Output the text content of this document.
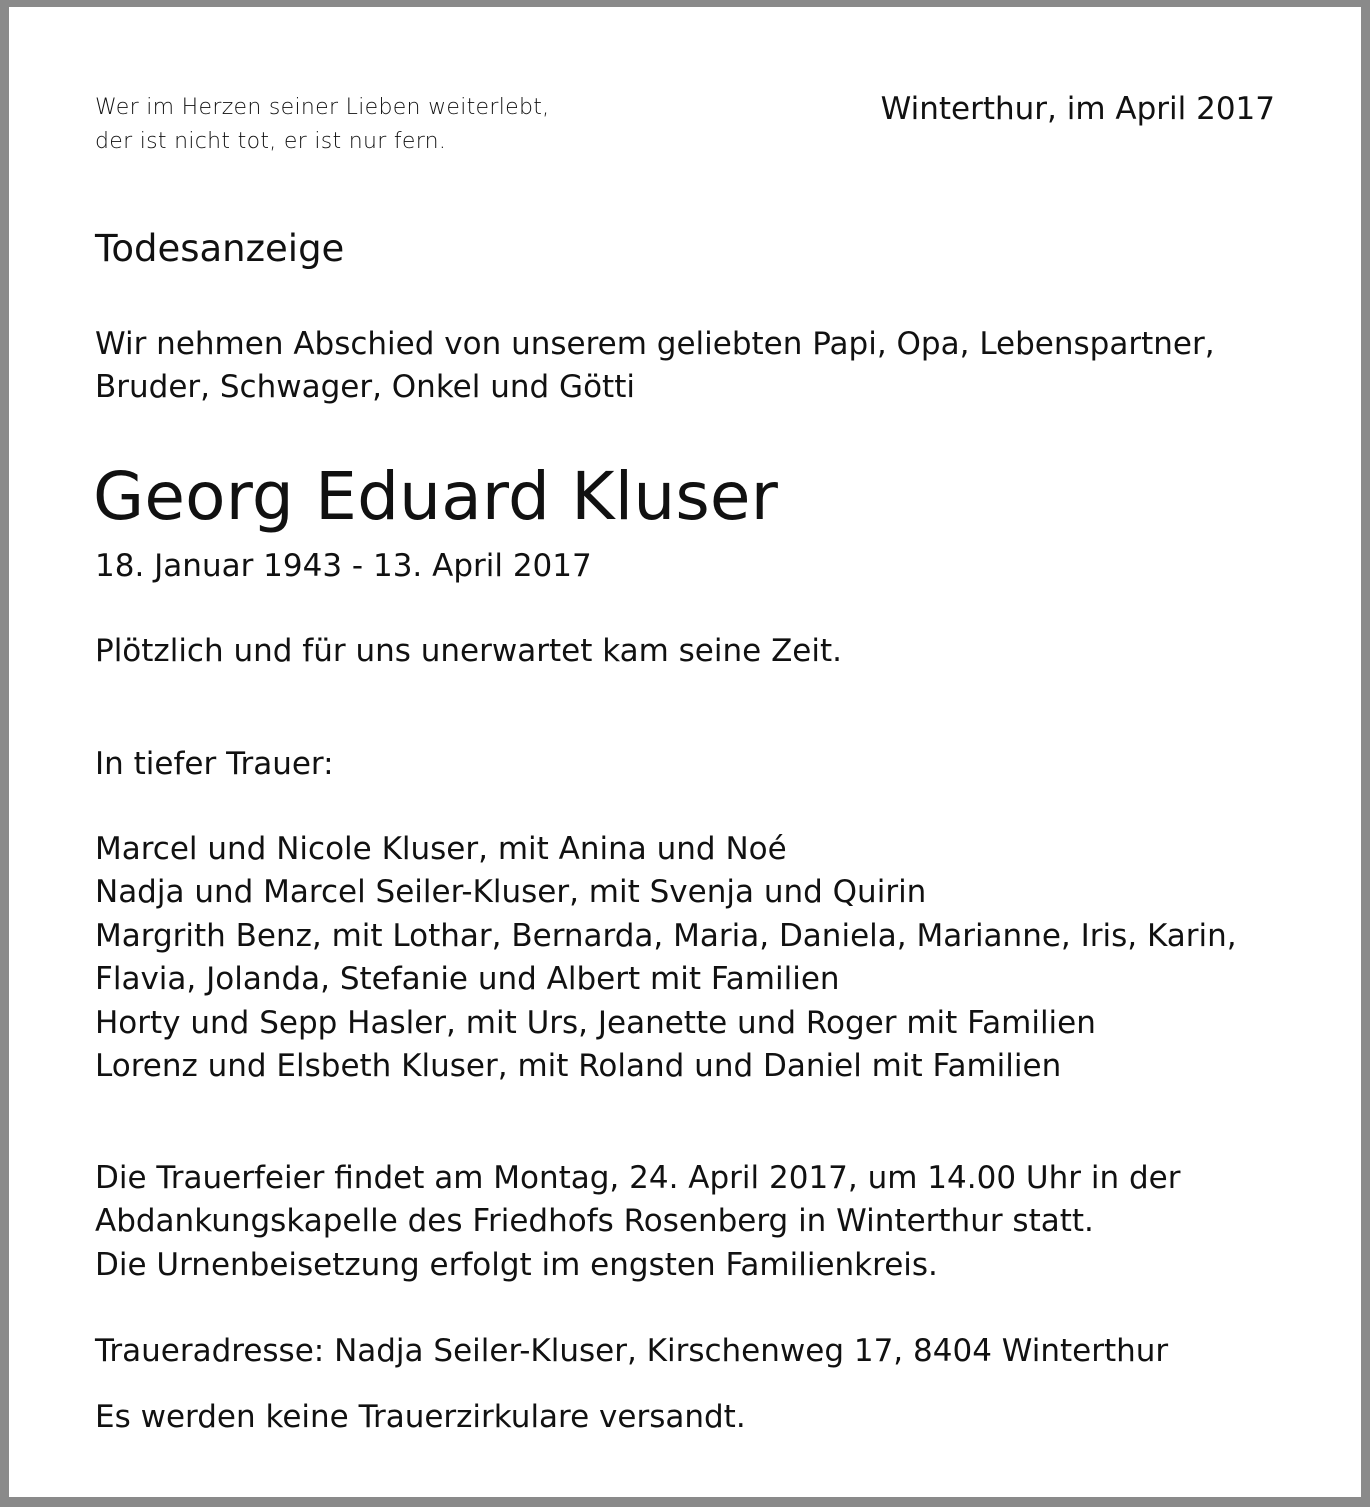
Wer im Herzen seiner Lieben weiterlebt,
der ist nicht tot, er ist nur fern.
Winterthur, im April 2017
Todesanzeige
Wir nehmen Abschied von unserem geliebten Papi, Opa, Lebenspartner,
Bruder, Schwager, Onkel und Götti
Georg Eduard Kluser
18. Januar 1943 - 13. April 2017
Plötzlich und für uns unerwartet kam seine Zeit.
In tiefer Trauer:
Marcel und Nicole Kluser, mit Anina und Noé
Nadja und Marcel Seiler-Kluser, mit Svenja und Quirin
Margrith Benz, mit Lothar, Bernarda, Maria, Daniela, Marianne, Iris, Karin,
Flavia, Jolanda, Stefanie und Albert mit Familien
Horty und Sepp Hasler, mit Urs, Jeanette und Roger mit Familien
Lorenz und Elsbeth Kluser, mit Roland und Daniel mit Familien
Die Trauerfeier findet am Montag, 24. April 2017, um 14.00 Uhr in der
Abdankungskapelle des Friedhofs Rosenberg in Winterthur statt.
Die Urnenbeisetzung erfolgt im engsten Familienkreis.
Traueradresse: Nadja Seiler-Kluser, Kirschenweg 17, 8404 Winterthur
Es werden keine Trauerzirkulare versandt.
